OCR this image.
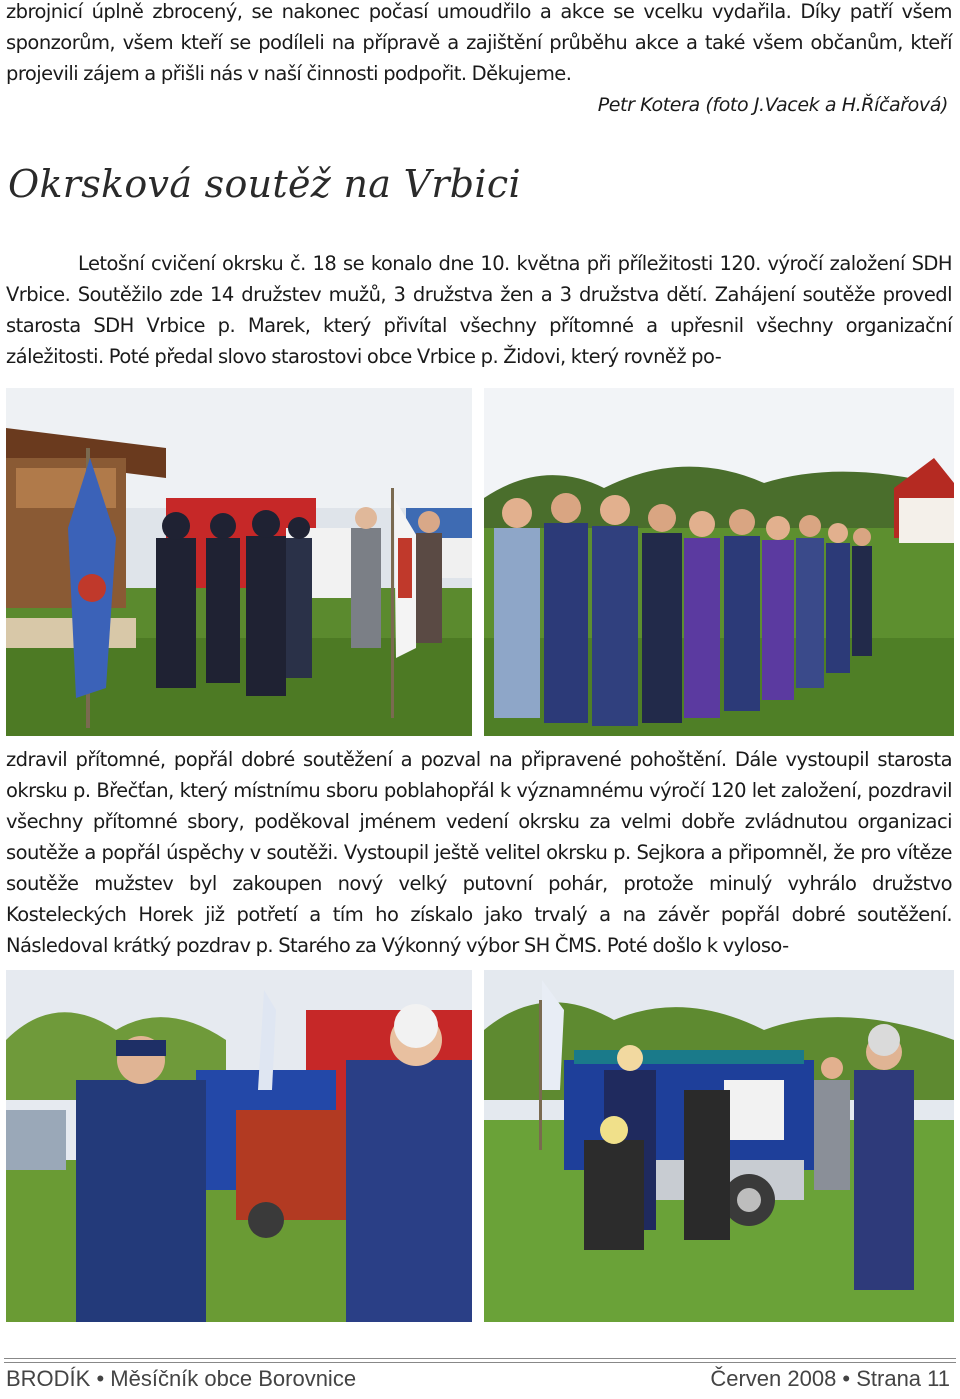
zbrojnicí úplně zbrocený, se nakonec počasí umoudřilo a akce se vcelku vydařila. Díky patří všem sponzorům, všem kteří se podíleli na přípravě a zajištění průběhu akce a také všem občanům, kteří projevili zájem a přišli nás v naší činnosti podpořit. Děkujeme.

Petr Kotera (foto J.Vacek a H.Říčařová)
Okrsková soutěž na Vrbici

Letošní cvičení okrsku č. 18 se konalo dne 10. května při příležitosti 120. výročí založení SDH Vrbice. Soutěžilo zde 14 družstev mužů, 3 družstva žen a 3 družstva dětí. Zahájení soutěže provedl starosta SDH Vrbice p. Marek, který přivítal všechny přítomné a upřesnil všechny organizační záležitosti. Poté předal slovo starostovi obce Vrbice p. Židovi, který rovněž po-

zdravil přítomné, popřál dobré soutěžení a pozval na připravené pohoštění. Dále vystoupil starosta okrsku p. Břečťan, který místnímu sboru poblahopřál k významnému výročí 120 let založení, pozdravil všechny přítomné sbory, poděkoval jménem vedení okrsku za velmi dobře zvládnutou organizaci soutěže a popřál úspěchy v soutěži. Vystoupil ještě velitel okrsku p. Sejkora a připomněl, že pro vítěze soutěže mužstev byl zakoupen nový velký putovní pohár, protože minulý vyhrálo družstvo Kosteleckých Horek již potřetí a tím ho získalo jako trvalý a na závěr popřál dobré soutěžení. Následoval krátký pozdrav p. Starého za Výkonný výbor SH ČMS. Poté došlo k vyloso-

BRODÍK • Měsíčník obce Borovnice	Červen 2008 • Strana 11
